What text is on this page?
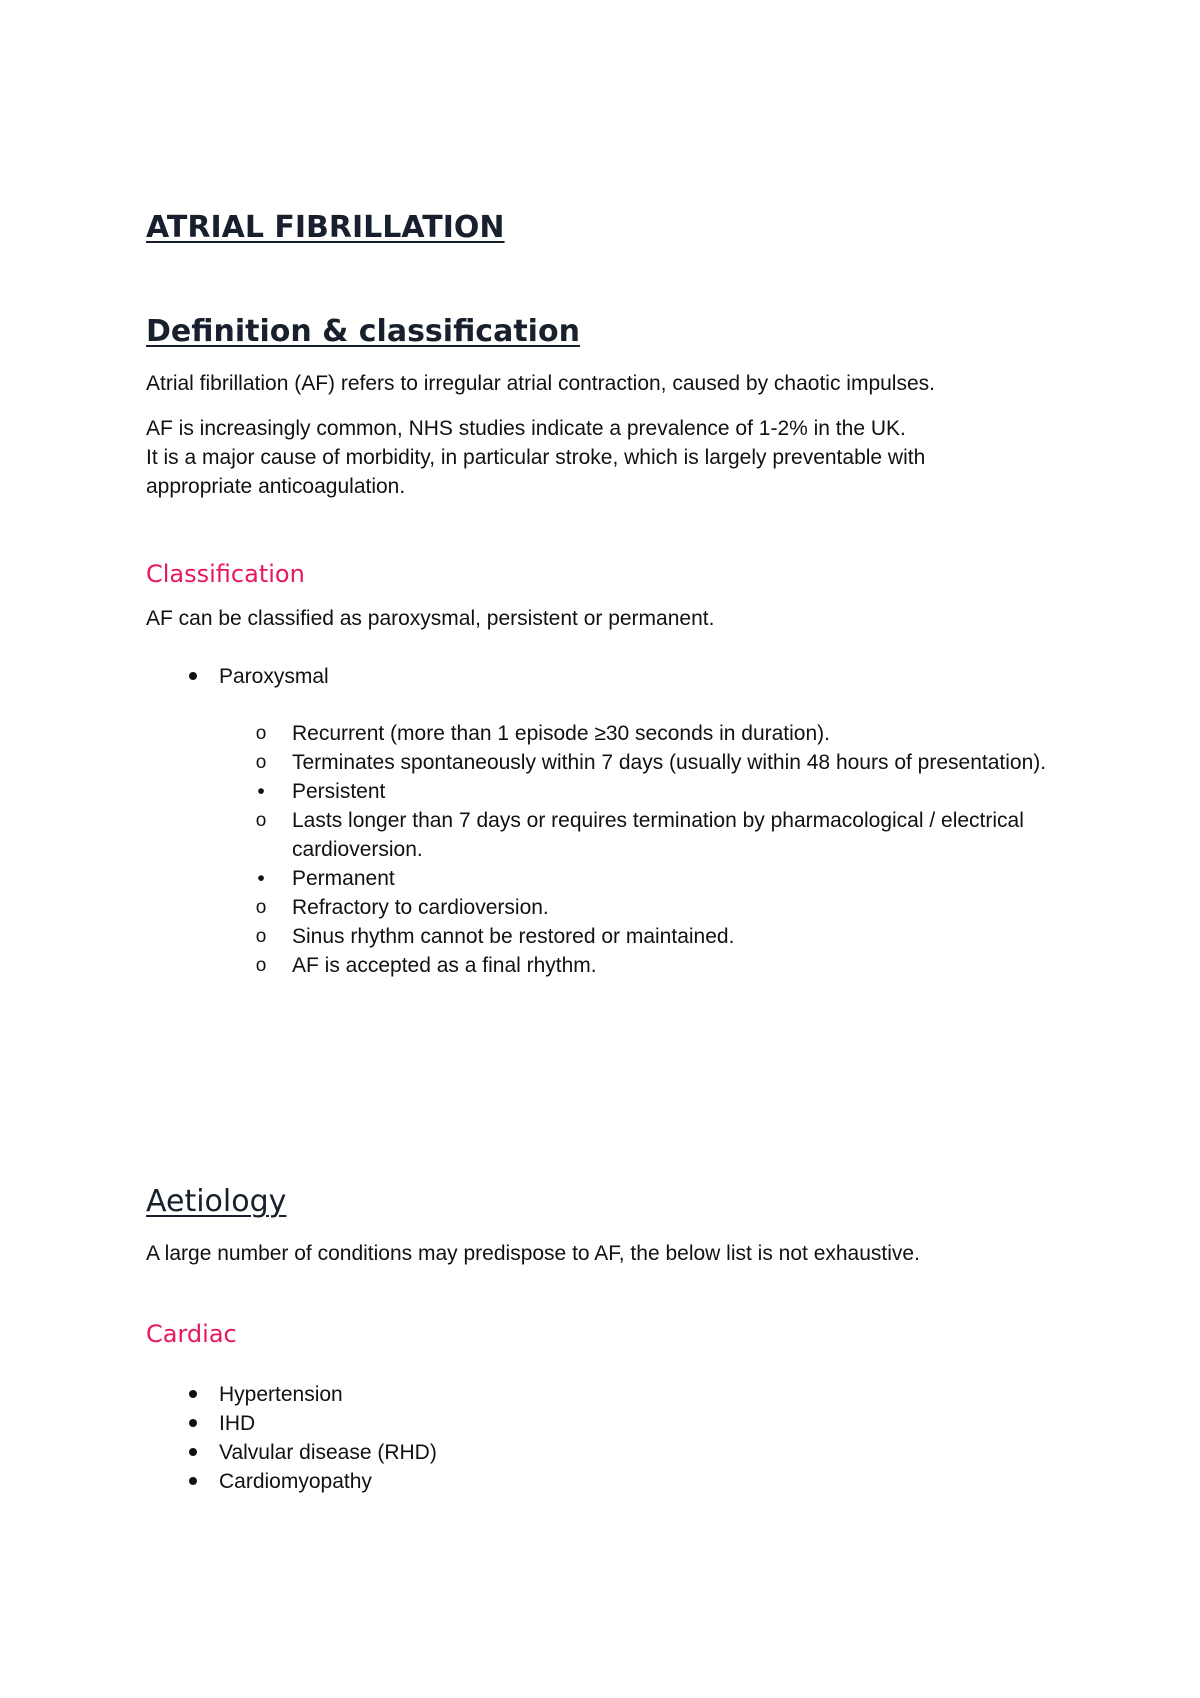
ATRIAL FIBRILLATION
Definition & classification

Atrial fibrillation (AF) refers to irregular atrial contraction, caused by chaotic impulses.

AF is increasingly common, NHS studies indicate a prevalence of 1-2% in the UK.
It is a major cause of morbidity, in particular stroke, which is largely preventable with
appropriate anticoagulation.

Classification

AF can be classified as paroxysmal, persistent or permanent.

Paroxysmal
o Recurrent (more than 1 episode ≥30 seconds in duration).
o Terminates spontaneously within 7 days (usually within 48 hours of presentation).
•	Persistent
o Lasts longer than 7 days or requires termination by pharmacological / electrical cardioversion.
•	Permanent
o Refractory to cardioversion.
o Sinus rhythm cannot be restored or maintained.
o AF is accepted as a final rhythm.
Aetiology

A large number of conditions may predispose to AF, the below list is not exhaustive.

Cardiac
Hypertension
IHD
Valvular disease (RHD)
Cardiomyopathy
